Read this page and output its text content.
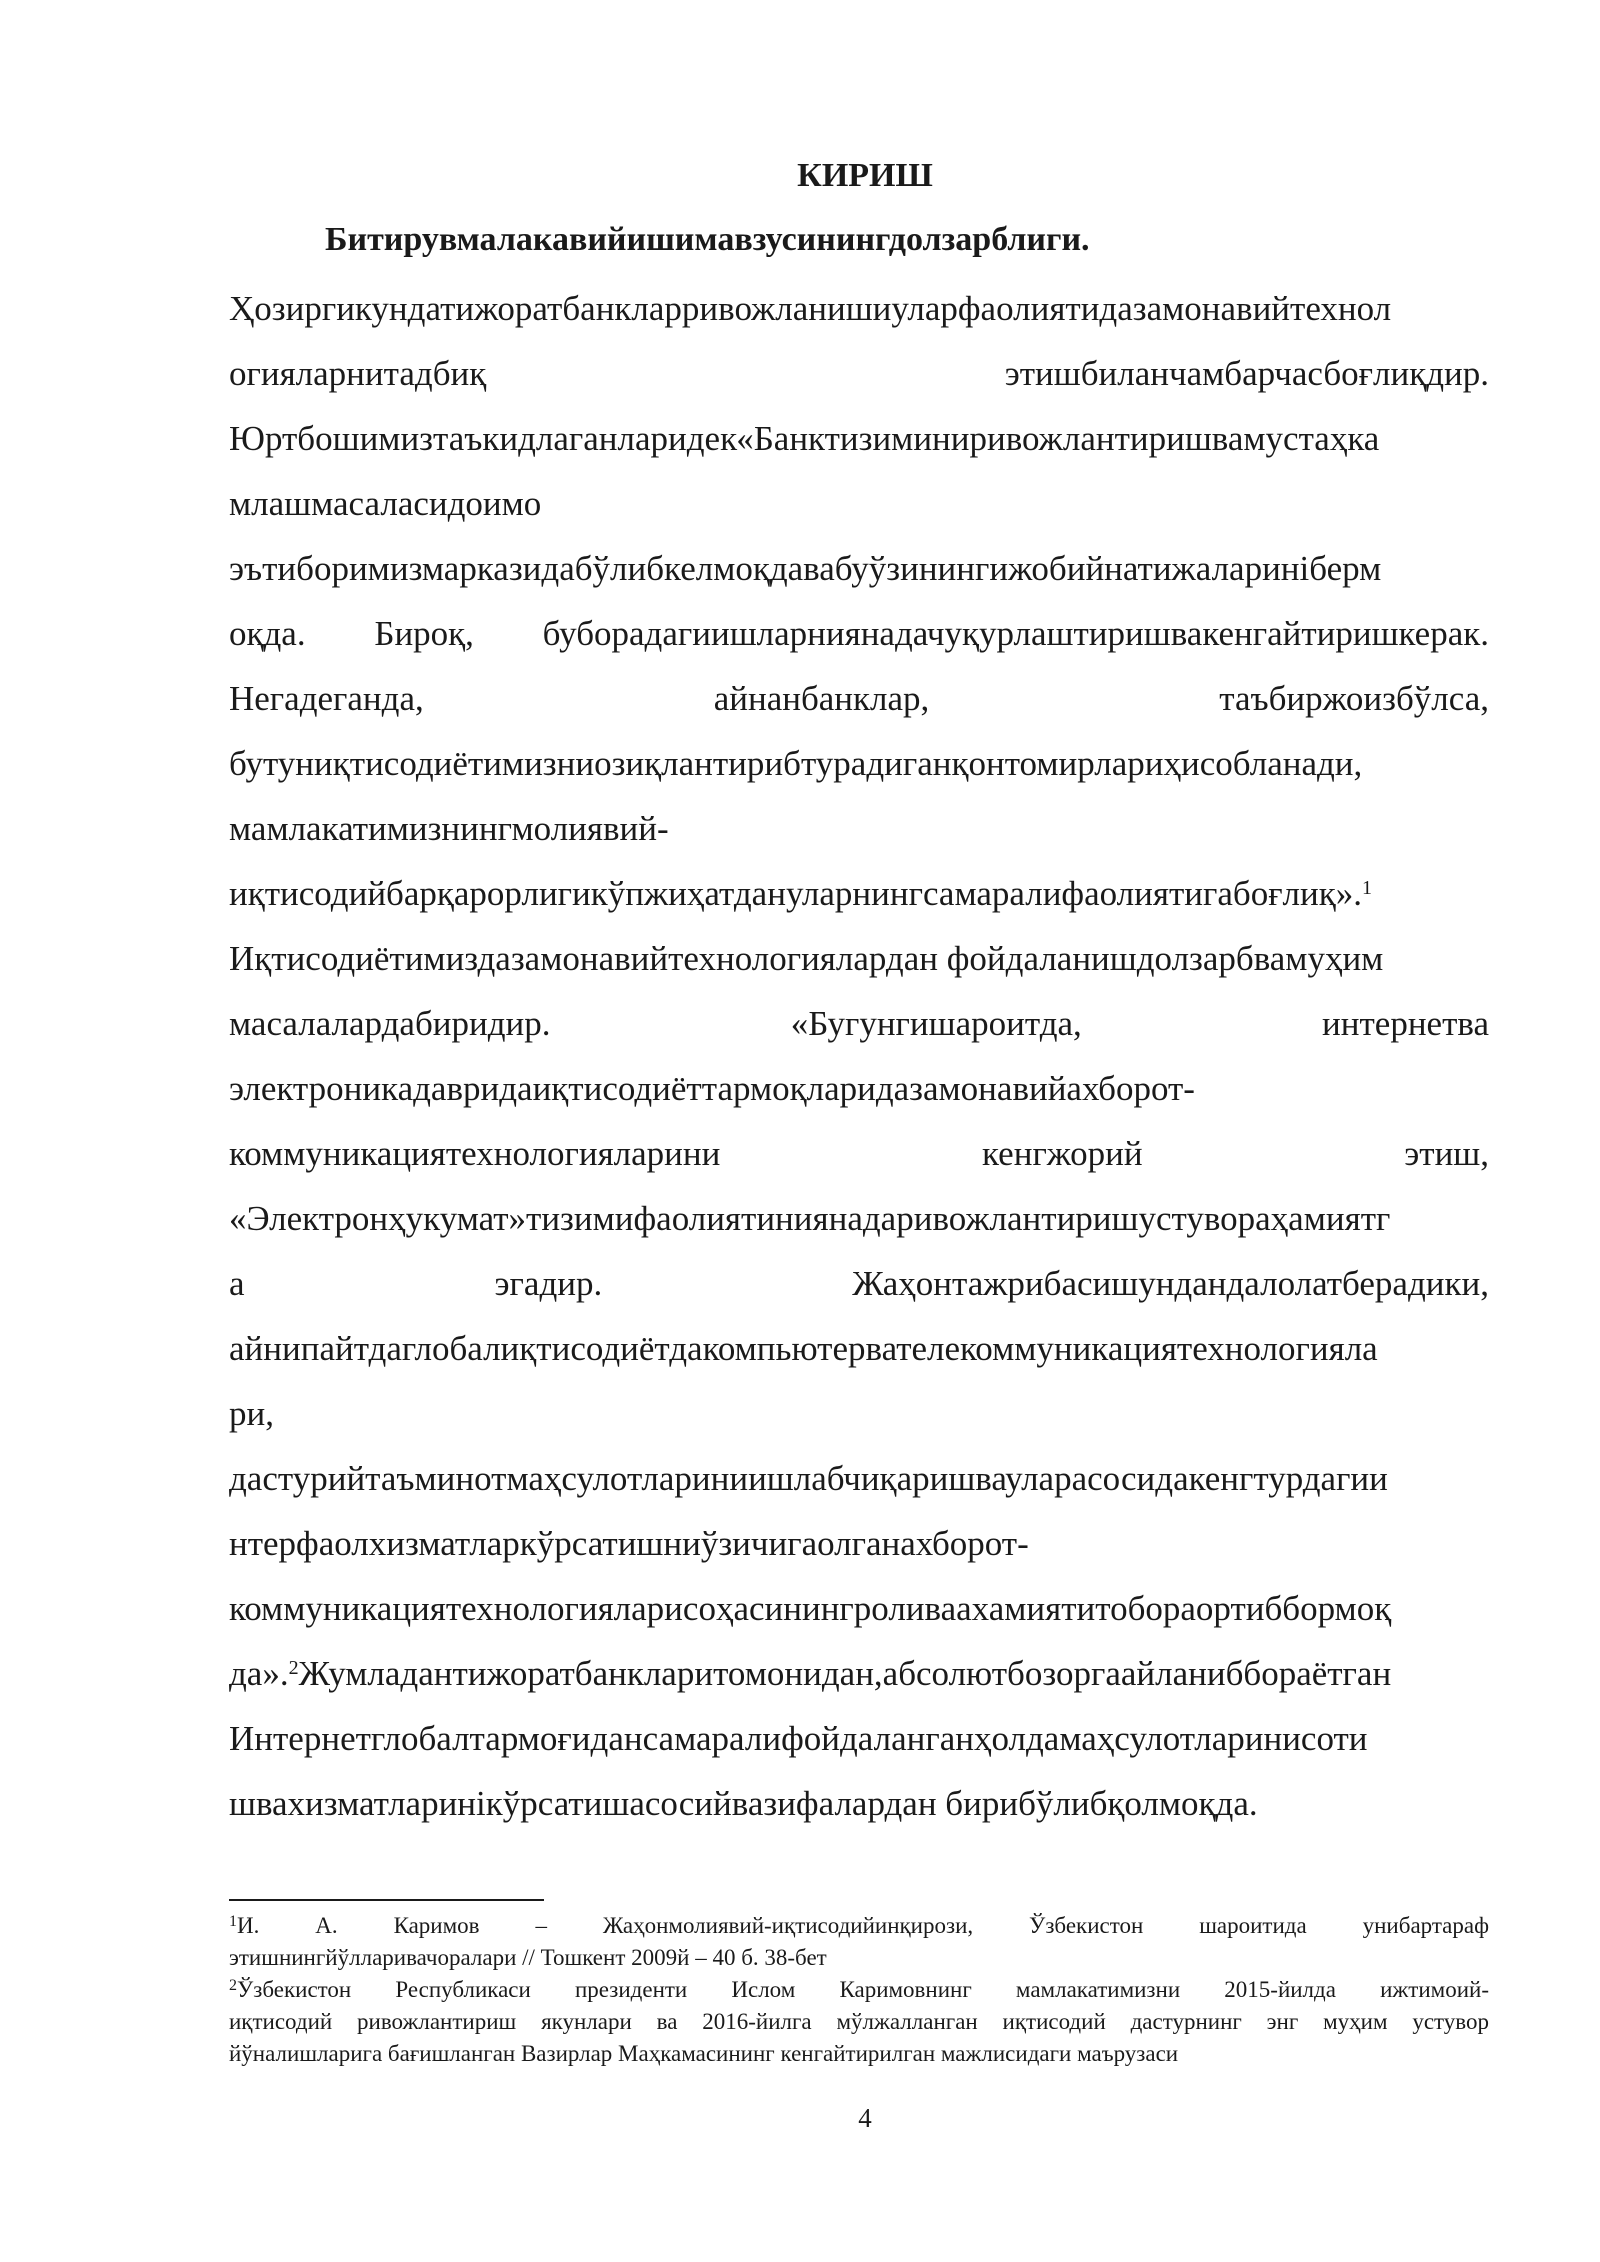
КИРИШ
Битирувмалакавийишимавзусинингдолзарблиги.
Ҳозиргикундатижоратбанкларривожланишиуларфаолиятидазамонавийтехнол
огияларнитадбиқ этишбиланчамбарчасбоғлиқдир.
Юртбошимизтаъкидлаганларидек«Банктизиминиривожлантиришвамустаҳка
млашмасаласидоимо
эътиборимизмарказидабўлибкелмоқдавабуўзинингижобийнатижаларинiберм
оқда. Бироқ, буборадагиишларниянадачуқурлаштиришвакенгайтиришкерак.
Негадеганда, айнанбанклар, таъбиржоизбўлса,
бутуниқтисодиётимизниозиқлантирибтурадиганқонтомирлариҳисобланади,
мамлакатимизнингмолиявий-
иқтисодийбарқарорлигикўпжиҳатдануларнингсамаралифаолиятигабоғлиқ».$^1$
Иқтисодиётимиздазамонавийтехнологиялардан фойдаланишдолзарбвамуҳим
масалалардабиридир. «Бугунгишароитда, интернетва
электроникадавридаиқтисодиёттармоқларидазамонавийахборот-
коммуникациятехнологияларини кенгжорий этиш,
«Электронҳукумат»тизимифаолиятиниянадаривожлантиришустувораҳамиятг
а эгадир. Жаҳонтажрибасишундандалолатберадики,
айнипайтдаглобалиқтисодиётдакомпьютервателекоммуникациятехнологияла
ри,
дастурийтаъминотмаҳсулотлариниишлабчиқаришвауларасосидакенгтурдагии
нтерфаолхизматларкўрсатишниўзичигаолганахборот-
коммуникациятехнологияларисоҳасинингроливаахамиятитобораортиббормоқ
да».$^2$Жумладантижоратбанкларитомонидан,абсолютбозоргаайланибборaётган
Интернетглобалтармоғидансамаралифойдаланганҳолдамаҳсулотларинисоти
швахизматларинiкўрсатишасосийвазифалардан бирибўлибқолмоқда.
$^1$И. А. Каримов – Жаҳонмолиявий-иқтисодийинқирози, Ўзбекистон шароитида унибартараф
этишнингйўлларивачоралари // Тошкент 2009й – 40 б. 38-бет
$^2$Ўзбекистон Республикаси президенти Ислом Каримовнинг мамлакатимизни 2015-йилда ижтимоий-
иқтисодий ривожлантириш якунлари ва 2016-йилга мўлжалланган иқтисодий дастурнинг энг муҳим устувор
йўналишларига бағишланган Вазирлар Маҳкамасининг кенгайтирилган мажлисидаги маърузаси
4
